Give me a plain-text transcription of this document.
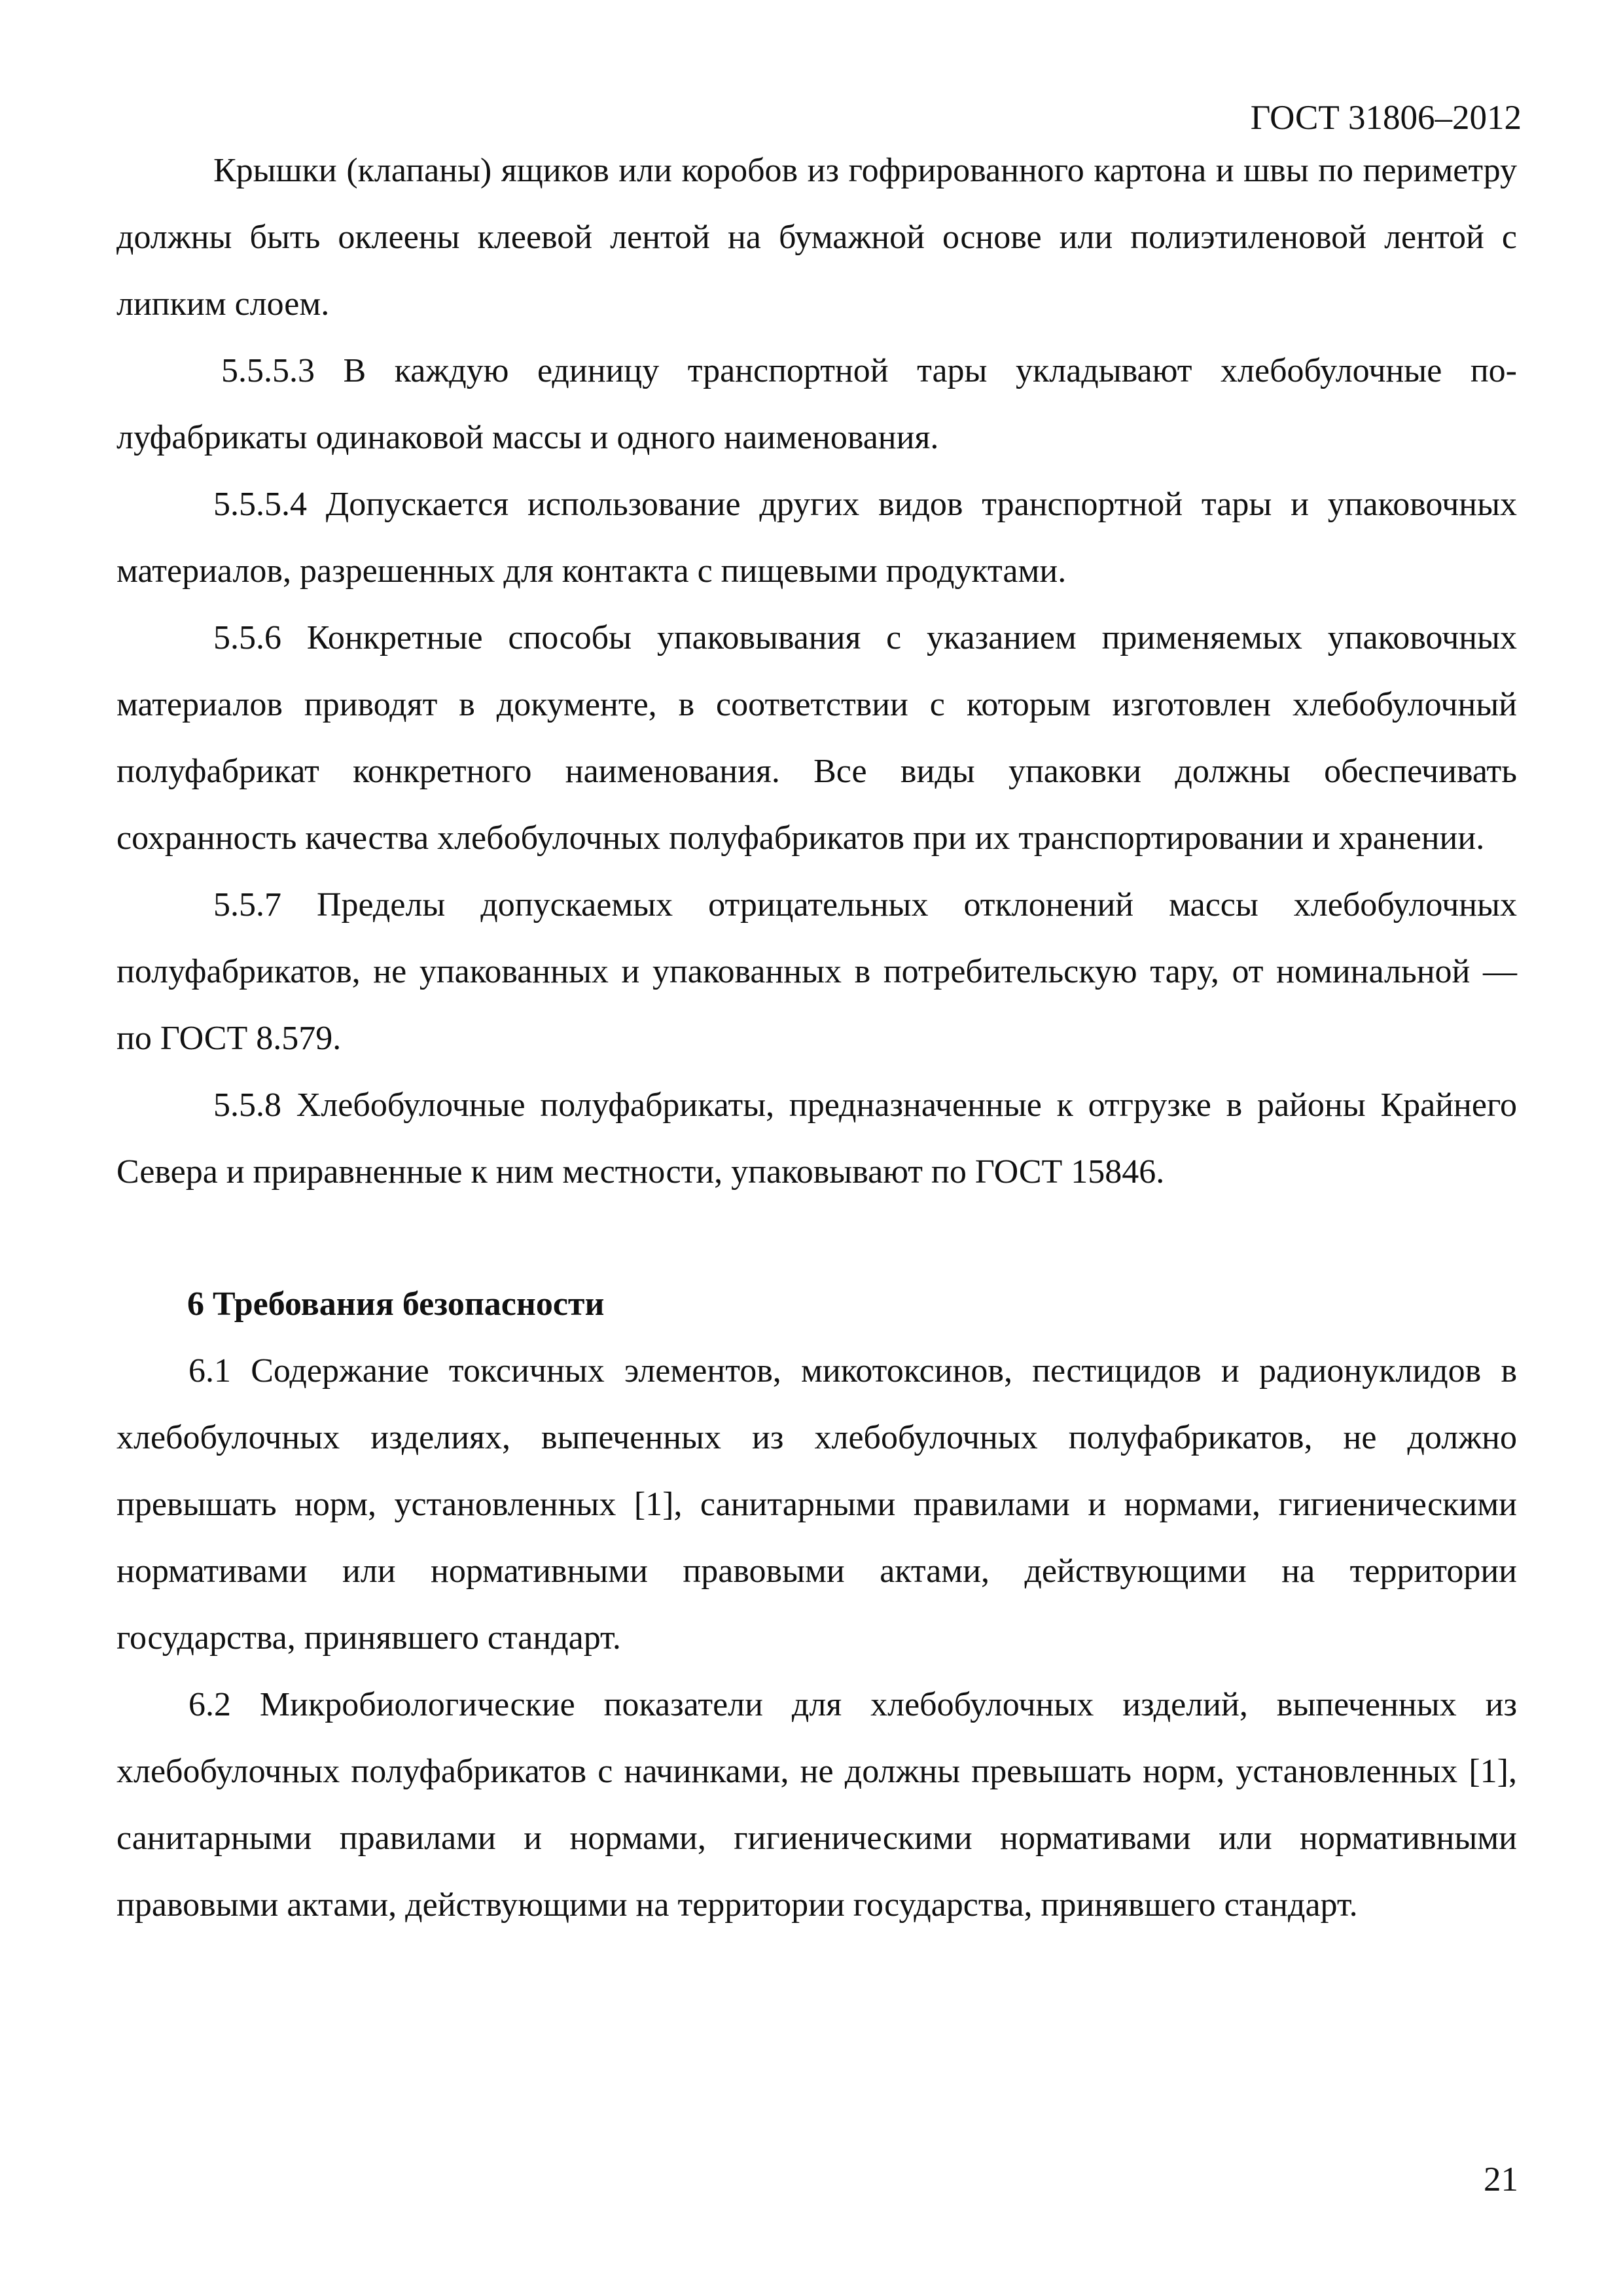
ГОСТ 31806–2012

Крышки (клапаны) ящиков или коробов из гофрированного картона и швы по периметру должны быть оклеены клеевой лентой на бумажной основе или полиэтиленовой лентой с липким слоем.

5.5.5.3 В каждую единицу транспортной тары укладывают хлебобулочные полуфабрикаты одинаковой массы и одного наименования.

5.5.5.4 Допускается использование других видов транспортной тары и упаковочных материалов, разрешенных для контакта с пищевыми продуктами.

5.5.6 Конкретные способы упаковывания с указанием применяемых упаковочных материалов приводят в документе, в соответствии с которым изготовлен хлебобулочный полуфабрикат конкретного наименования. Все виды упаковки должны обеспечивать сохранность качества хлебобулочных полуфабрикатов при их транспортировании и хранении.

5.5.7 Пределы допускаемых отрицательных отклонений массы хлебобулочных полуфабрикатов, не упакованных и упакованных в потребительскую тару, от номинальной — по ГОСТ 8.579.

5.5.8 Хлебобулочные полуфабрикаты, предназначенные к отгрузке в районы Крайнего Севера и приравненные к ним местности, упаковывают по ГОСТ 15846.

6 Требования безопасности

6.1 Содержание токсичных элементов, микотоксинов, пестицидов и радионуклидов в хлебобулочных изделиях, выпеченных из хлебобулочных полуфабрикатов, не должно превышать норм, установленных [1], санитарными правилами и нормами, гигиеническими нормативами или нормативными правовыми актами, действующими на территории государства, принявшего стандарт.

6.2 Микробиологические показатели для хлебобулочных изделий, выпеченных из хлебобулочных полуфабрикатов с начинками, не должны превышать норм, установленных [1], санитарными правилами и нормами, гигиеническими нормативами или нормативными правовыми актами, действующими на территории государства, принявшего стандарт.

21
